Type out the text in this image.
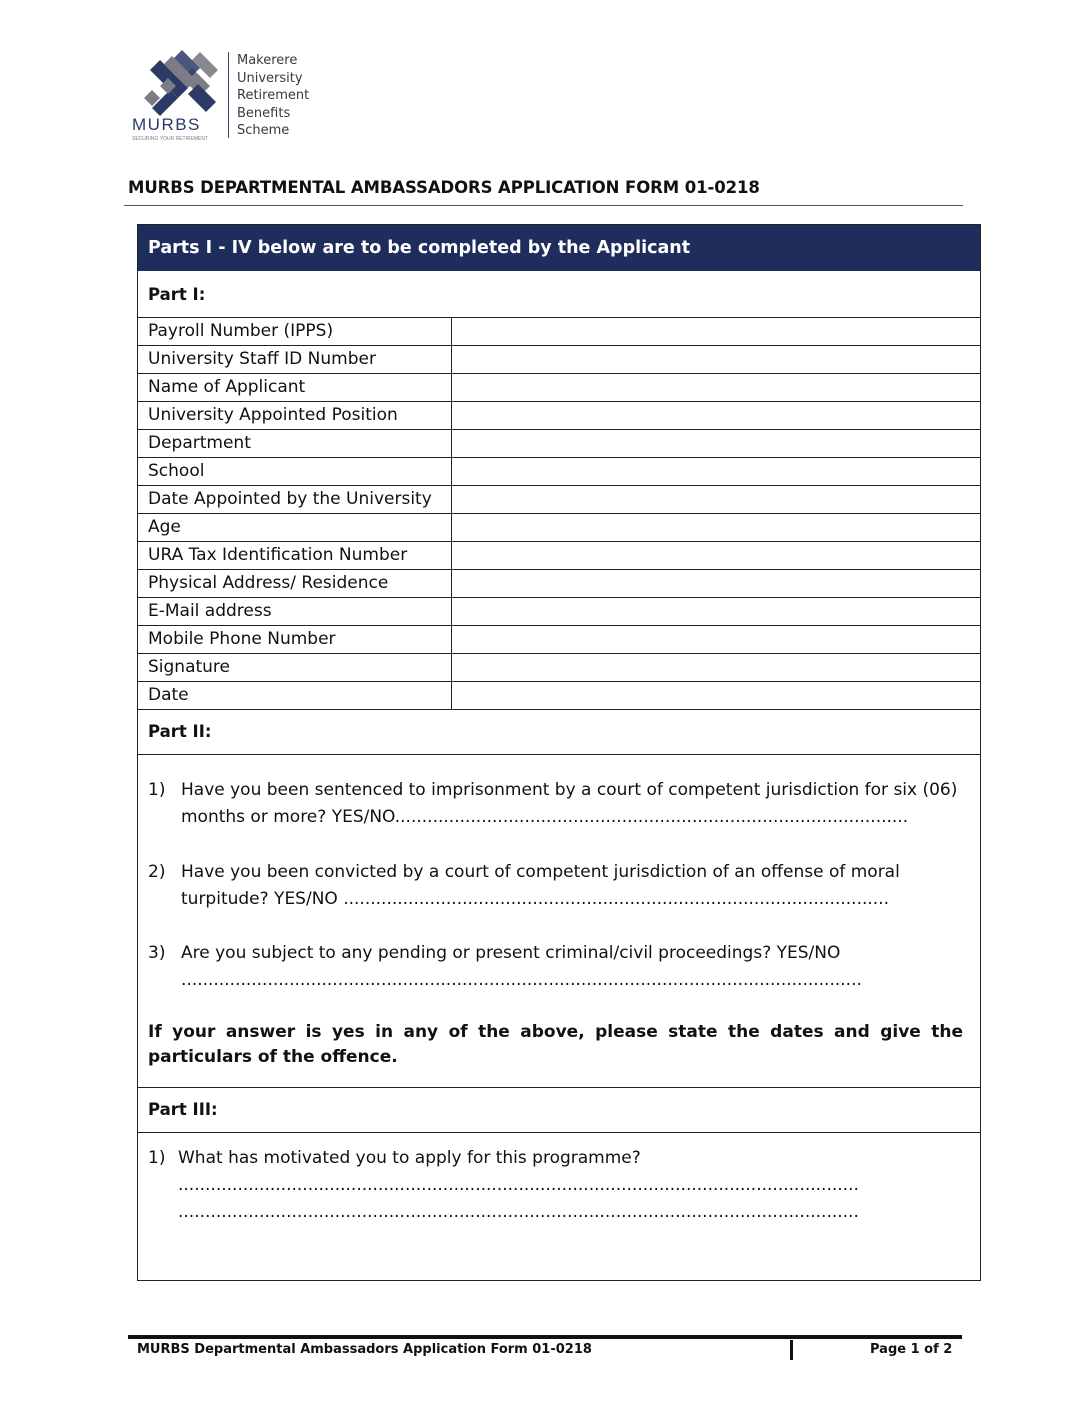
MURBS
SECURING YOUR RETIREMENT
Makerere
University
Retirement
Benefits
Scheme
MURBS DEPARTMENTAL AMBASSADORS APPLICATION FORM 01-0218
Parts I - IV below are to be completed by the Applicant
Part I:
Payroll Number (IPPS)
University Staff ID Number
Name of Applicant
University Appointed Position
Department
School
Date Appointed by the University
Age
URA Tax Identification Number
Physical Address/ Residence
E-Mail address
Mobile Phone Number
Signature
Date
Part II:
1) Have you been sentenced to imprisonment by a court of competent jurisdiction for six (06)
months or more? YES/NO...............................................................................................
2) Have you been convicted by a court of competent jurisdiction of an offense of moral
turpitude? YES/NO .....................................................................................................
3) Are you subject to any pending or present criminal/civil proceedings? YES/NO
..............................................................................................................................
If your answer is yes in any of the above, please state the dates and give the particulars of the offence.
Part III:
1) What has motivated you to apply for this programme?
..............................................................................................................................
..............................................................................................................................
MURBS Departmental Ambassadors Application Form 01-0218	Page 1 of 2
